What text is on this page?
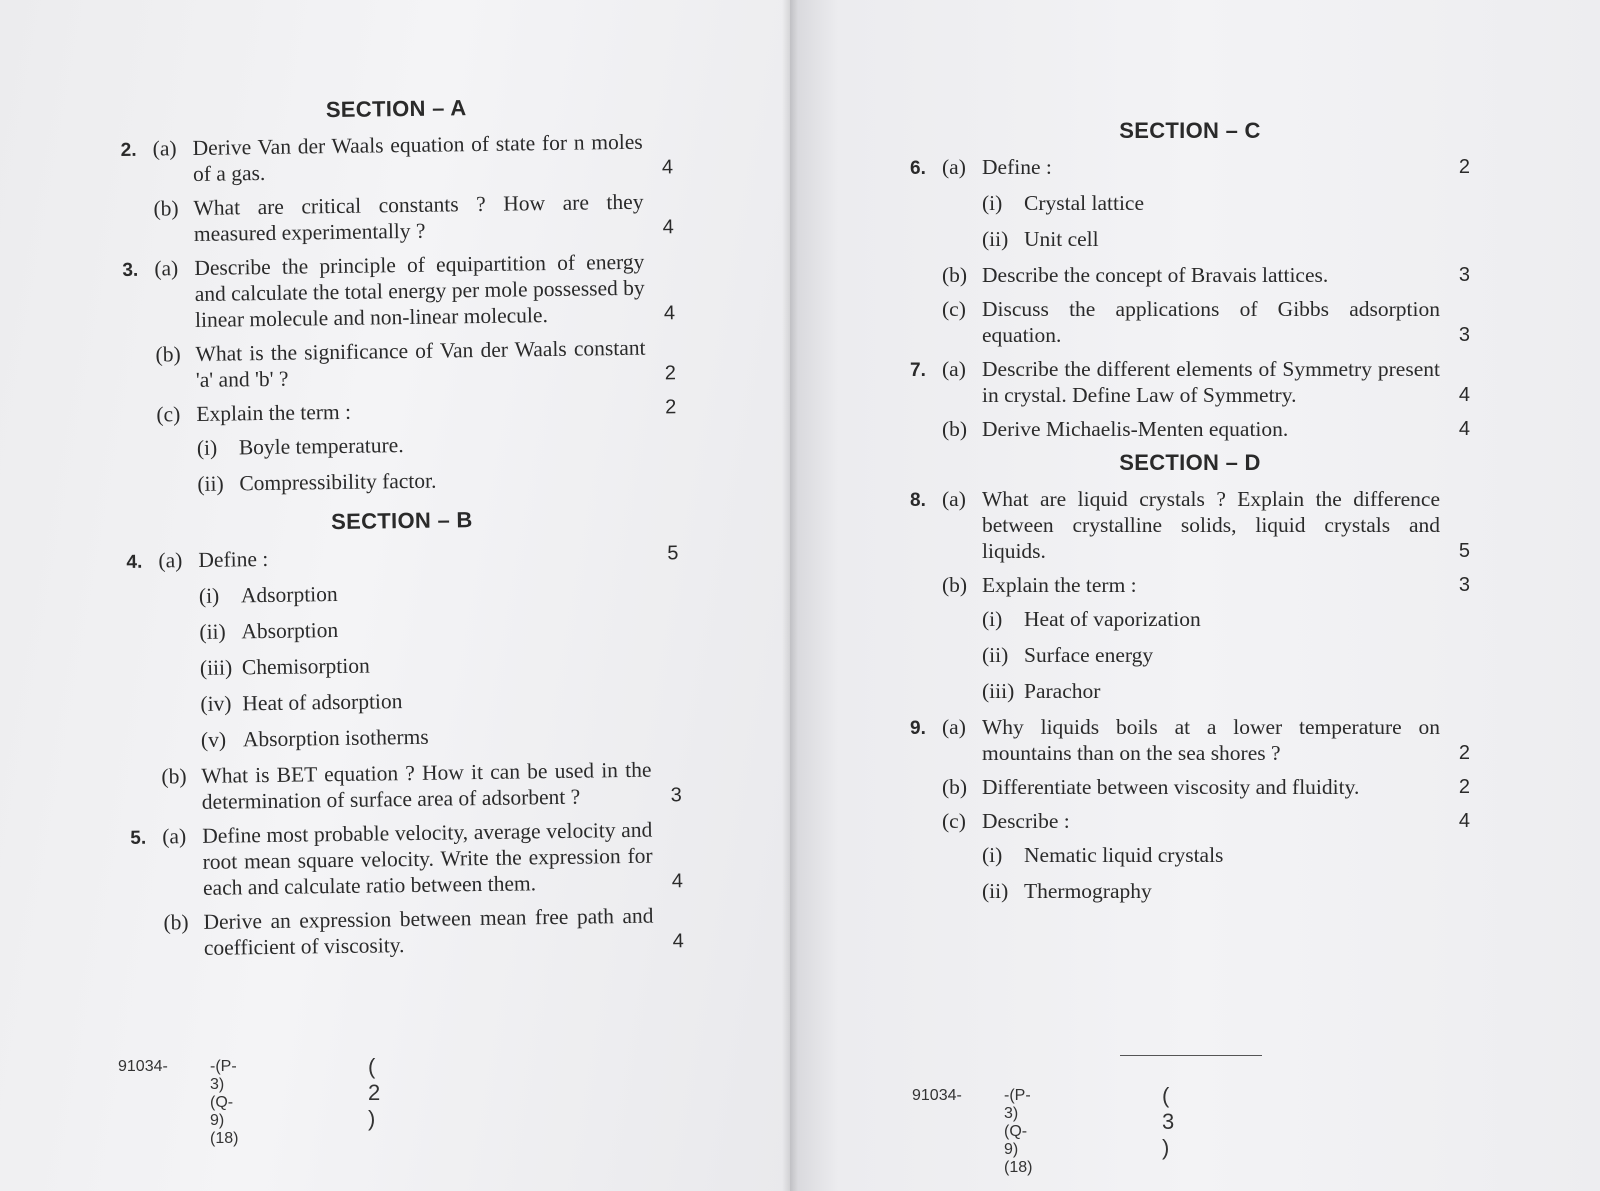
SECTION – A
2. (a) Derive Van der Waals equation of state for n moles of a gas.	4
(b) What are critical constants ? How are they measured experimentally ?	4
3. (a) Describe the principle of equipartition of energy and calculate the total energy per mole possessed by linear molecule and non-linear molecule.	4
(b) What is the significance of Van der Waals constant 'a' and 'b' ?	2
(c) Explain the term :	2
(i) Boyle temperature.
(ii) Compressibility factor.
SECTION – B
4. (a) Define :	5
(i) Adsorption
(ii) Absorption
(iii) Chemisorption
(iv) Heat of adsorption
(v) Absorption isotherms
(b) What is BET equation ? How it can be used in the determination of surface area of adsorbent ?	3
5. (a) Define most probable velocity, average velocity and root mean square velocity. Write the expression for each and calculate ratio between them.	4
(b) Derive an expression between mean free path and coefficient of viscosity.	4
91034-	-(P-3)(Q-9)(18)
( 2 )
SECTION – C
6. (a) Define :	2
(i)	Crystal lattice
(ii) Unit cell
(b) Describe the concept of Bravais lattices.	3
(c) Discuss the applications of Gibbs adsorption equation.	3
7. (a) Describe the different elements of Symmetry present in crystal. Define Law of Symmetry.	4
(b) Derive Michaelis-Menten equation.	4
SECTION – D
8. (a) What are liquid crystals ? Explain the difference between crystalline solids, liquid crystals and liquids.	5
(b) Explain the term :	3
(i)	Heat of vaporization
(ii) Surface energy
(iii) Parachor
9. (a) Why liquids boils at a lower temperature on mountains than on the sea shores ?	2
(b) Differentiate between viscosity and fluidity.	2
(c) Describe :	4
(i)	Nematic liquid crystals
(ii) Thermography
91034-	-(P-3)(Q-9)(18)
( 3 )
